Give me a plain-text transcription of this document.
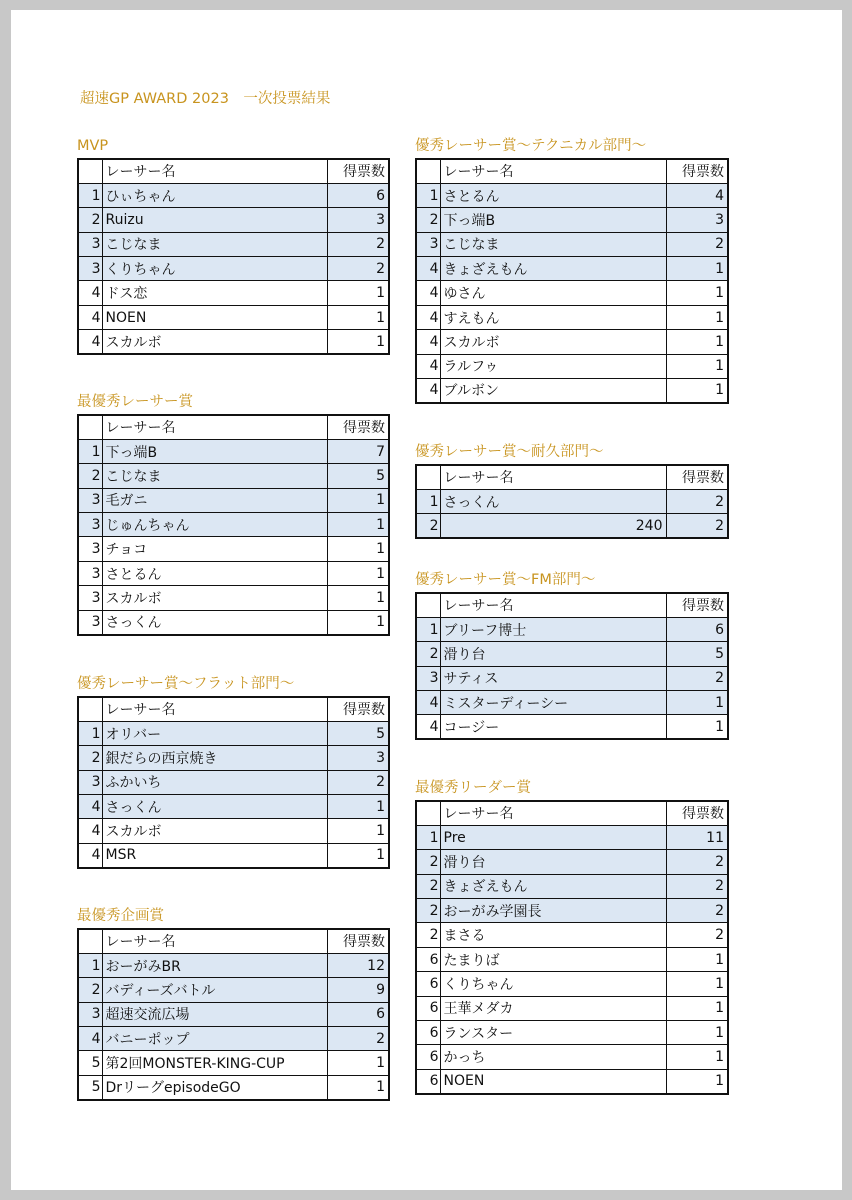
超速GP AWARD 2023　一次投票結果
MVP
	レーサー名	得票数
1	ひぃちゃん	6
2	Ruizu	3
3	こじなま	2
3	くりちゃん	2
4	ドス恋	1
4	NOEN	1
4	スカルボ	1
最優秀レーサー賞
	レーサー名	得票数
1	下っ端B	7
2	こじなま	5
3	毛ガニ	1
3	じゅんちゃん	1
3	チョコ	1
3	さとるん	1
3	スカルボ	1
3	さっくん	1
優秀レーサー賞～フラット部門～
	レーサー名	得票数
1	オリバー	5
2	銀だらの西京焼き	3
3	ふかいち	2
4	さっくん	1
4	スカルボ	1
4	MSR	1
最優秀企画賞
	レーサー名	得票数
1	おーがみBR	12
2	バディーズバトル	9
3	超速交流広場	6
4	バニーポップ	2
5	第2回MONSTER-KING-CUP	1
5	DrリーグepisodeGO	1
優秀レーサー賞～テクニカル部門～
	レーサー名	得票数
1	さとるん	4
2	下っ端B	3
3	こじなま	2
4	きょざえもん	1
4	ゆさん	1
4	すえもん	1
4	スカルボ	1
4	ラルフゥ	1
4	ブルボン	1
優秀レーサー賞～耐久部門～
	レーサー名	得票数
1	さっくん	2
2	240	2
優秀レーサー賞～FM部門～
	レーサー名	得票数
1	ブリーフ博士	6
2	滑り台	5
3	サティス	2
4	ミスターディーシー	1
4	コージー	1
最優秀リーダー賞
	レーサー名	得票数
1	Pre	11
2	滑り台	2
2	きょざえもん	2
2	おーがみ学園長	2
2	まさる	2
6	たまりば	1
6	くりちゃん	1
6	王華メダカ	1
6	ランスター	1
6	かっち	1
6	NOEN	1
